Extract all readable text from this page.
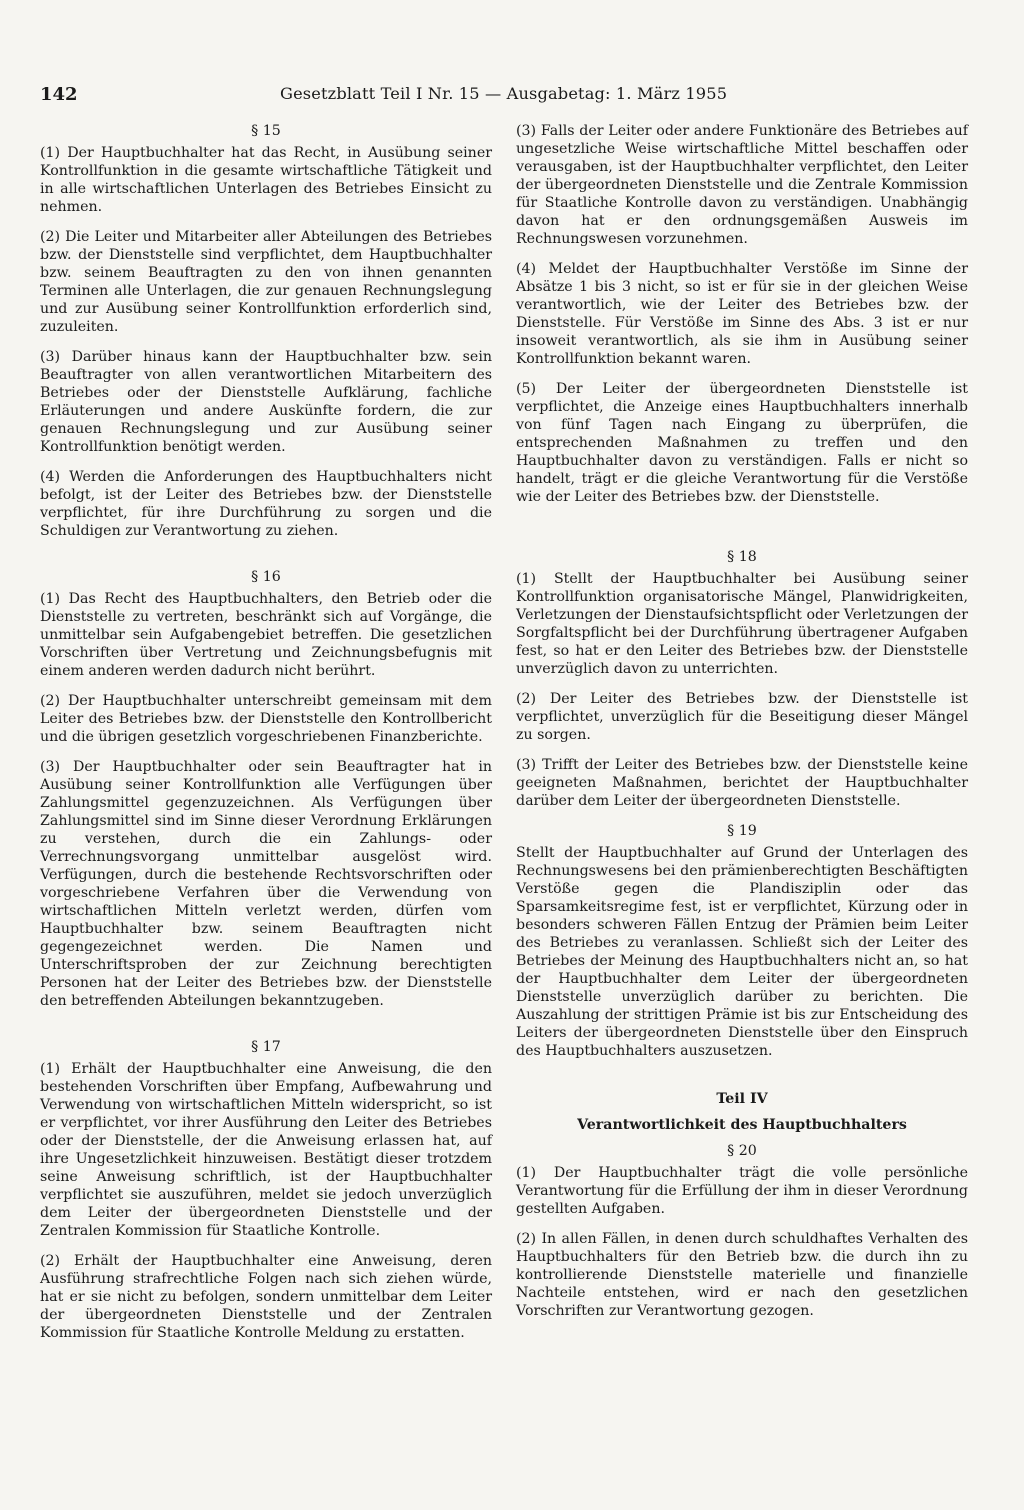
142	Gesetzblatt Teil I Nr. 15 — Ausgabetag: 1. März 1955

§ 15

(1) Der Hauptbuchhalter hat das Recht, in Ausübung seiner Kontrollfunktion in die gesamte wirtschaftliche Tätigkeit und in alle wirtschaftlichen Unterlagen des Betriebes Einsicht zu nehmen.

(2) Die Leiter und Mitarbeiter aller Abteilungen des Betriebes bzw. der Dienststelle sind verpflichtet, dem Hauptbuchhalter bzw. seinem Beauftragten zu den von ihnen genannten Terminen alle Unterlagen, die zur genauen Rechnungslegung und zur Ausübung seiner Kontrollfunktion erforderlich sind, zuzuleiten.

(3) Darüber hinaus kann der Hauptbuchhalter bzw. sein Beauftragter von allen verantwortlichen Mitarbeitern des Betriebes oder der Dienststelle Aufklärung, fachliche Erläuterungen und andere Auskünfte fordern, die zur genauen Rechnungslegung und zur Ausübung seiner Kontrollfunktion benötigt werden.

(4) Werden die Anforderungen des Hauptbuchhalters nicht befolgt, ist der Leiter des Betriebes bzw. der Dienststelle verpflichtet, für ihre Durchführung zu sorgen und die Schuldigen zur Verantwortung zu ziehen.

§ 16

(1) Das Recht des Hauptbuchhalters, den Betrieb oder die Dienststelle zu vertreten, beschränkt sich auf Vorgänge, die unmittelbar sein Aufgabengebiet betreffen. Die gesetzlichen Vorschriften über Vertretung und Zeichnungsbefugnis mit einem anderen werden dadurch nicht berührt.

(2) Der Hauptbuchhalter unterschreibt gemeinsam mit dem Leiter des Betriebes bzw. der Dienststelle den Kontrollbericht und die übrigen gesetzlich vorgeschriebenen Finanzberichte.

(3) Der Hauptbuchhalter oder sein Beauftragter hat in Ausübung seiner Kontrollfunktion alle Verfügungen über Zahlungsmittel gegenzuzeichnen. Als Verfügungen über Zahlungsmittel sind im Sinne dieser Verordnung Erklärungen zu verstehen, durch die ein Zahlungs- oder Verrechnungsvorgang unmittelbar ausgelöst wird. Verfügungen, durch die bestehende Rechtsvorschriften oder vorgeschriebene Verfahren über die Verwendung von wirtschaftlichen Mitteln verletzt werden, dürfen vom Hauptbuchhalter bzw. seinem Beauftragten nicht gegengezeichnet werden. Die Namen und Unterschriftsproben der zur Zeichnung berechtigten Personen hat der Leiter des Betriebes bzw. der Dienststelle den betreffenden Abteilungen bekanntzugeben.

§ 17

(1) Erhält der Hauptbuchhalter eine Anweisung, die den bestehenden Vorschriften über Empfang, Aufbewahrung und Verwendung von wirtschaftlichen Mitteln widerspricht, so ist er verpflichtet, vor ihrer Ausführung den Leiter des Betriebes oder der Dienststelle, der die Anweisung erlassen hat, auf ihre Ungesetzlichkeit hinzuweisen. Bestätigt dieser trotzdem seine Anweisung schriftlich, ist der Hauptbuchhalter verpflichtet sie auszuführen, meldet sie jedoch unverzüglich dem Leiter der übergeordneten Dienststelle und der Zentralen Kommission für Staatliche Kontrolle.

(2) Erhält der Hauptbuchhalter eine Anweisung, deren Ausführung strafrechtliche Folgen nach sich ziehen würde, hat er sie nicht zu befolgen, sondern unmittelbar dem Leiter der übergeordneten Dienststelle und der Zentralen Kommission für Staatliche Kontrolle Meldung zu erstatten.

(3) Falls der Leiter oder andere Funktionäre des Betriebes auf ungesetzliche Weise wirtschaftliche Mittel beschaffen oder verausgaben, ist der Hauptbuchhalter verpflichtet, den Leiter der übergeordneten Dienststelle und die Zentrale Kommission für Staatliche Kontrolle davon zu verständigen. Unabhängig davon hat er den ordnungsgemäßen Ausweis im Rechnungswesen vorzunehmen.

(4) Meldet der Hauptbuchhalter Verstöße im Sinne der Absätze 1 bis 3 nicht, so ist er für sie in der gleichen Weise verantwortlich, wie der Leiter des Betriebes bzw. der Dienststelle. Für Verstöße im Sinne des Abs. 3 ist er nur insoweit verantwortlich, als sie ihm in Ausübung seiner Kontrollfunktion bekannt waren.

(5) Der Leiter der übergeordneten Dienststelle ist verpflichtet, die Anzeige eines Hauptbuchhalters innerhalb von fünf Tagen nach Eingang zu überprüfen, die entsprechenden Maßnahmen zu treffen und den Hauptbuchhalter davon zu verständigen. Falls er nicht so handelt, trägt er die gleiche Verantwortung für die Verstöße wie der Leiter des Betriebes bzw. der Dienststelle.

§ 18

(1) Stellt der Hauptbuchhalter bei Ausübung seiner Kontrollfunktion organisatorische Mängel, Planwidrigkeiten, Verletzungen der Dienstaufsichtspflicht oder Verletzungen der Sorgfaltspflicht bei der Durchführung übertragener Aufgaben fest, so hat er den Leiter des Betriebes bzw. der Dienststelle unverzüglich davon zu unterrichten.

(2) Der Leiter des Betriebes bzw. der Dienststelle ist verpflichtet, unverzüglich für die Beseitigung dieser Mängel zu sorgen.

(3) Trifft der Leiter des Betriebes bzw. der Dienststelle keine geeigneten Maßnahmen, berichtet der Hauptbuchhalter darüber dem Leiter der übergeordneten Dienststelle.

§ 19

Stellt der Hauptbuchhalter auf Grund der Unterlagen des Rechnungswesens bei den prämienberechtigten Beschäftigten Verstöße gegen die Plandisziplin oder das Sparsamkeitsregime fest, ist er verpflichtet, Kürzung oder in besonders schweren Fällen Entzug der Prämien beim Leiter des Betriebes zu veranlassen. Schließt sich der Leiter des Betriebes der Meinung des Hauptbuchhalters nicht an, so hat der Hauptbuchhalter dem Leiter der übergeordneten Dienststelle unverzüglich darüber zu berichten. Die Auszahlung der strittigen Prämie ist bis zur Entscheidung des Leiters der übergeordneten Dienststelle über den Einspruch des Hauptbuchhalters auszusetzen.

Teil IV

Verantwortlichkeit des Hauptbuchhalters

§ 20

(1) Der Hauptbuchhalter trägt die volle persönliche Verantwortung für die Erfüllung der ihm in dieser Verordnung gestellten Aufgaben.

(2) In allen Fällen, in denen durch schuldhaftes Verhalten des Hauptbuchhalters für den Betrieb bzw. die durch ihn zu kontrollierende Dienststelle materielle und finanzielle Nachteile entstehen, wird er nach den gesetzlichen Vorschriften zur Verantwortung gezogen.
